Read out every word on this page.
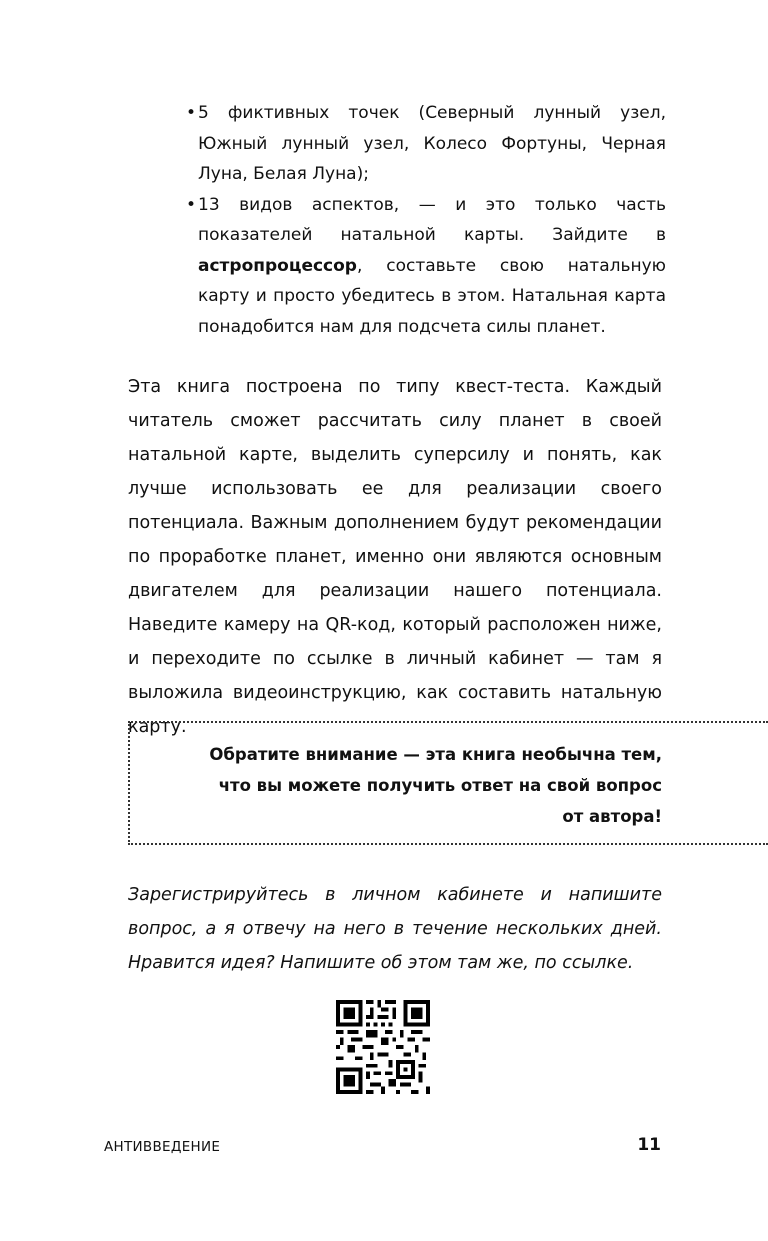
• 5 фиктивных точек (Северный лунный узел, Южный лунный узел, Колесо Фортуны, Черная Луна, Белая Луна);
• 13 видов аспектов, — и это только часть показателей натальной карты. Зайдите в астропроцессор, составьте свою натальную карту и просто убедитесь в этом. Натальная карта понадобится нам для подсчета силы планет.

Эта книга построена по типу квест-теста. Каждый читатель сможет рассчитать силу планет в своей натальной карте, выделить суперсилу и понять, как лучше использовать ее для реализации своего потенциала. Важным дополнением будут рекомендации по проработке планет, именно они являются основным двигателем для реализации нашего потенциала. Наведите камеру на QR-код, который расположен ниже, и переходите по ссылке в личный кабинет — там я выложила видеоинструкцию, как составить натальную карту.

Обратите внимание — эта книга необычна тем,
что вы можете получить ответ на свой вопрос
от автора!

Зарегистрируйтесь в личном кабинете и напишите вопрос, а я отвечу на него в течение нескольких дней. Нравится идея? Напишите об этом там же, по ссылке.

АНТИВВЕДЕНИЕ	11
